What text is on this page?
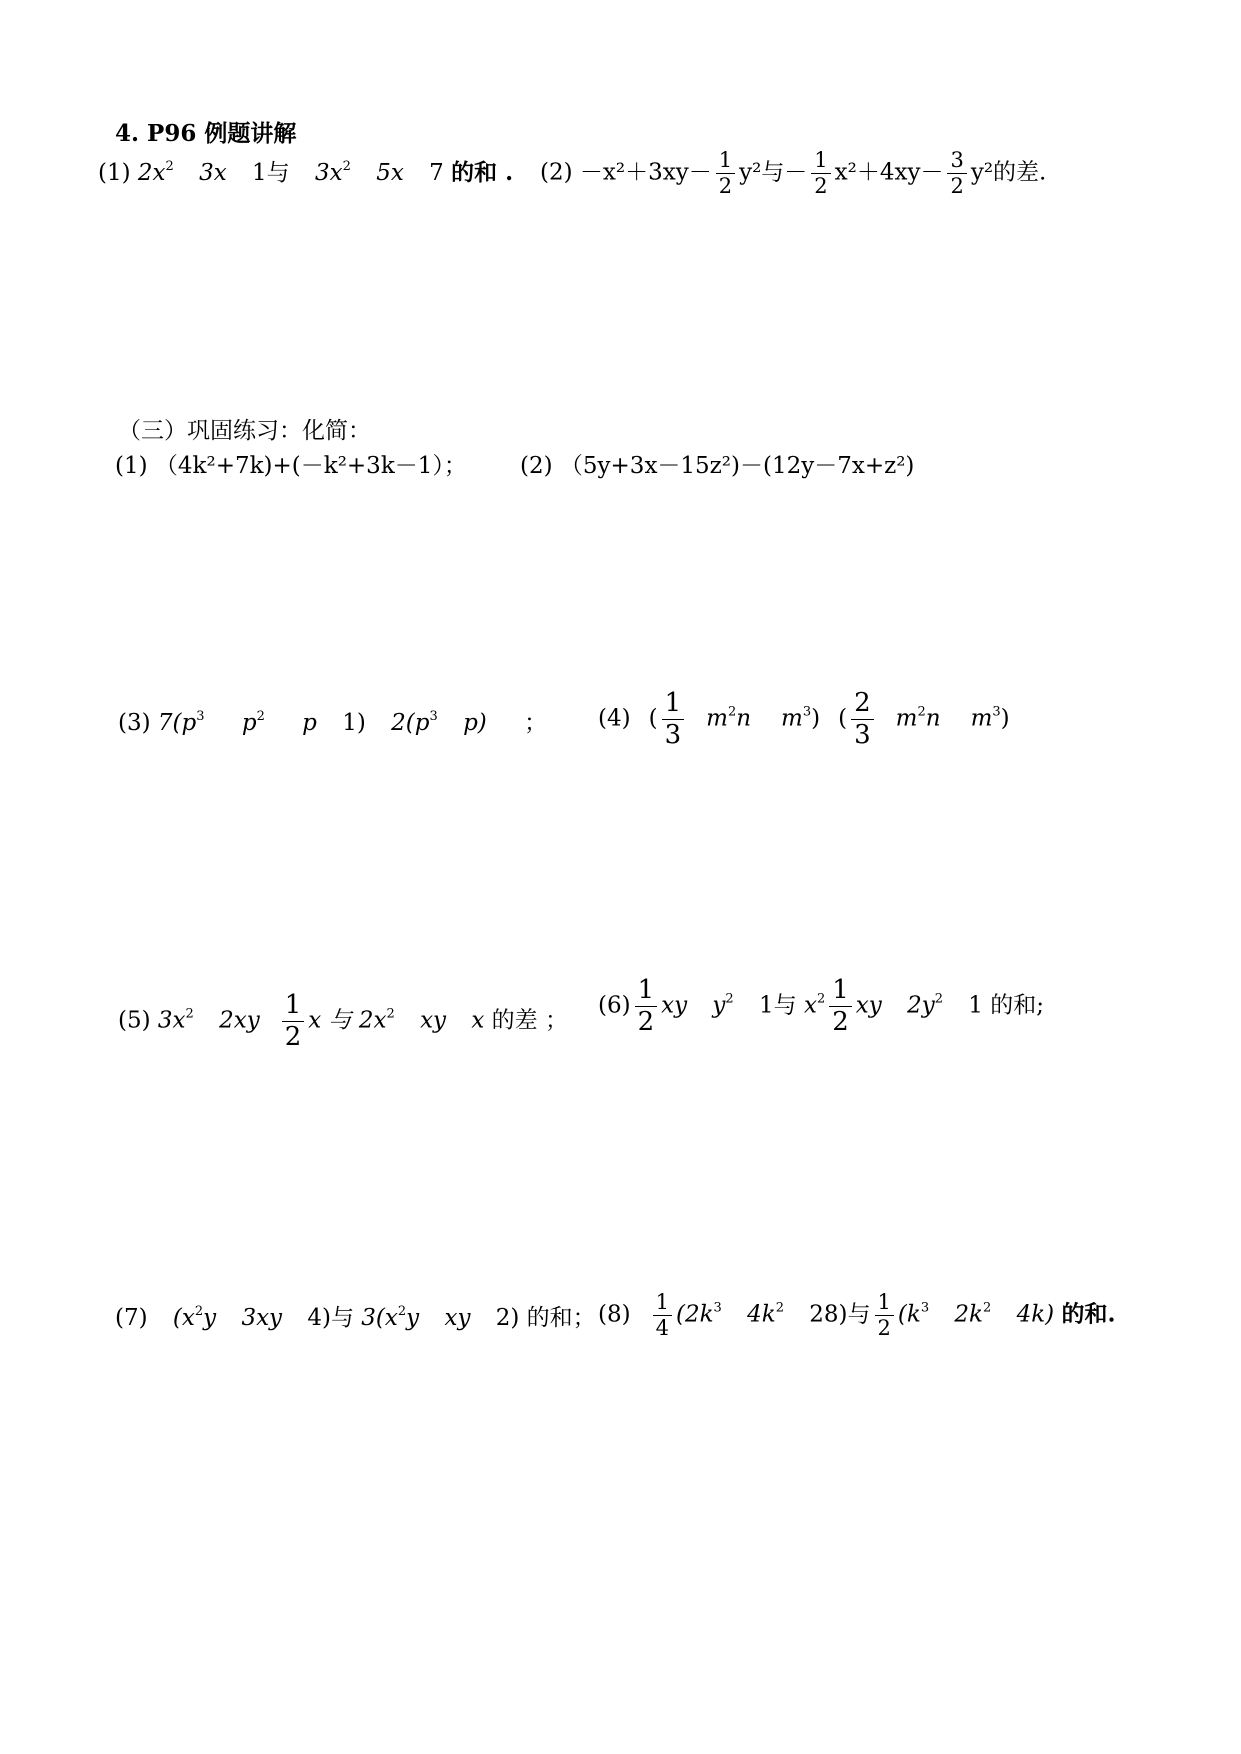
4. P96 例题讲解
(1) $2x^2$ 3x 1与 $3x^2$ 5x 7 的和 . $(2) -x^2+3xy- \frac{1}{2} y^2$与－ $\frac{1}{2} x^2+4xy- \frac{3}{2} y^2$的差.
（三）巩固练习：化简：
(1) （4k²+7k)+(－k²+3k－1）； (2) （5y+3x－15z²)－(12y－7x+z²)
(3) $7(p^3$ $p^2$ p 1) $2(p^3$ p) ； (4) ( $\frac{1}{3} m^2n$ $m^3$) ( $\frac{2}{3} m^2n$ $m^3$)
(5) $3x^2$ $2xy \frac{1}{2}$ x 与 $2x^2$ xy x 的差 ；
$(6) \frac{1}{2}$ xy $y^2$ 1与 $x^2 \frac{1}{2}$ xy $2y^2$ 1 的和;
(7) ($x^2y$ 3xy 4)与 $3(x^2y$ xy 2) 的和； $(8) \frac{1}{4} (2k^3$ $4k^2$ 28)与 $\frac{1}{2} (k^3$ $2k^2$ 4k) 的和.
